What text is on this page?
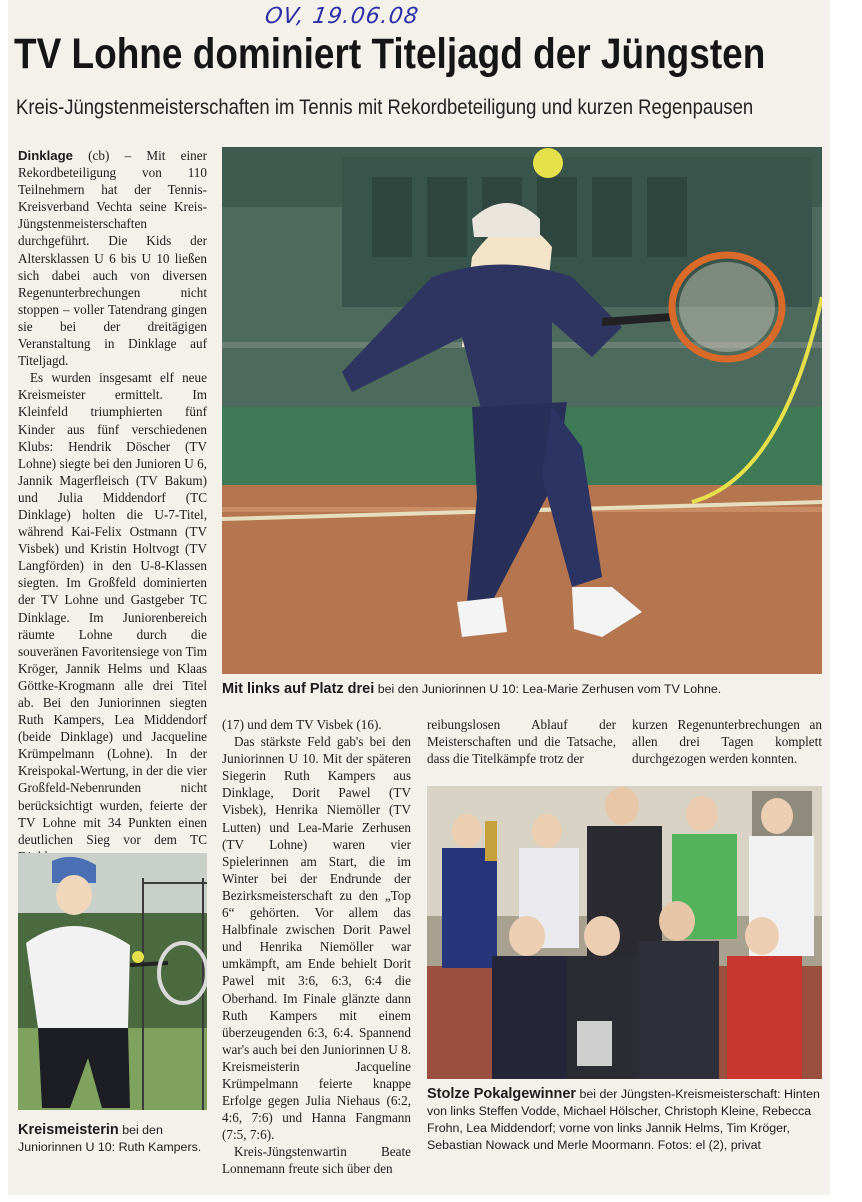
OV, 19.06.08
TV Lohne dominiert Titeljagd der Jüngsten
Kreis-Jüngstenmeisterschaften im Tennis mit Rekordbeteiligung und kurzen Regenpausen

Dinklage (cb) – Mit einer Rekordbeteiligung von 110 Teilnehmern hat der Tennis-Kreisverband Vechta seine Kreis-Jüngstenmeisterschaften durchgeführt. Die Kids der Altersklassen U 6 bis U 10 ließen sich dabei auch von diversen Regenunterbrechungen nicht stoppen – voller Tatendrang gingen sie bei der dreitägigen Veranstaltung in Dinklage auf Titeljagd.

Es wurden insgesamt elf neue Kreismeister ermittelt. Im Kleinfeld triumphierten fünf Kinder aus fünf verschiedenen Klubs: Hendrik Döscher (TV Lohne) siegte bei den Junioren U 6, Jannik Magerfleisch (TV Bakum) und Julia Middendorf (TC Dinklage) holten die U-7-Titel, während Kai-Felix Ostmann (TV Visbek) und Kristin Holtvogt (TV Langförden) in den U-8-Klassen siegten. Im Großfeld dominierten der TV Lohne und Gastgeber TC Dinklage. Im Juniorenbereich räumte Lohne durch die souveränen Favoritensiege von Tim Kröger, Jannik Helms und Klaas Göttke-Krogmann alle drei Titel ab. Bei den Juniorinnen siegten Ruth Kampers, Lea Middendorf (beide Dinklage) und Jacqueline Krümpelmann (Lohne). In der Kreispokal-Wertung, in der die vier Großfeld-Nebenrunden nicht berücksichtigt wurden, feierte der TV Lohne mit 34 Punkten einen deutlichen Sieg vor dem TC

Mit links auf Platz drei bei den Juniorinnen U 10: Lea-Marie Zerhusen vom TV Lohne.

(17) und dem TV Visbek (16).

Das stärkste Feld gab's bei den Juniorinnen U 10. Mit der späteren Siegerin Ruth Kampers aus Dinklage, Dorit Pawel (TV Visbek), Henrika Niemöller (TV Lutten) und Lea-Marie Zerhusen (TV Lohne) waren vier Spielerinnen am Start, die im Winter bei der Endrunde der Bezirksmeisterschaft zu den „Top 6“ gehörten. Vor allem das Halbfinale zwischen Dorit Pawel und Henrika Niemöller war umkämpft, am Ende behielt Dorit Pawel mit 3:6, 6:3, 6:4 die Oberhand. Im Finale glänzte dann Ruth Kampers mit einem überzeugenden 6:3, 6:4. Spannend war's auch bei den Juniorinnen U 8. Kreismeisterin Jacqueline Krümpelmann feierte knappe Erfolge gegen Julia Niehaus (6:2, 4:6, 7:6) und Hanna Fangmann (7:5, 7:6).

Kreis-Jüngstenwartin Beate Lonnemann freute sich über den

reibungslosen Ablauf der Meisterschaften und die Tatsache, dass die Titelkämpfe trotz der

kurzen Regenunterbrechungen an allen drei Tagen komplett durchgezogen werden konnten.

Kreismeisterin bei den Juniorinnen U 10: Ruth Kampers.
Stolze Pokalgewinner bei der Jüngsten-Kreismeisterschaft: Hinten von links Steffen Vodde, Michael Hölscher, Christoph Kleine, Rebecca Frohn, Lea Middendorf; vorne von links Jannik Helms, Tim Kröger, Sebastian Nowack und Merle Moormann. Fotos: el (2), privat
